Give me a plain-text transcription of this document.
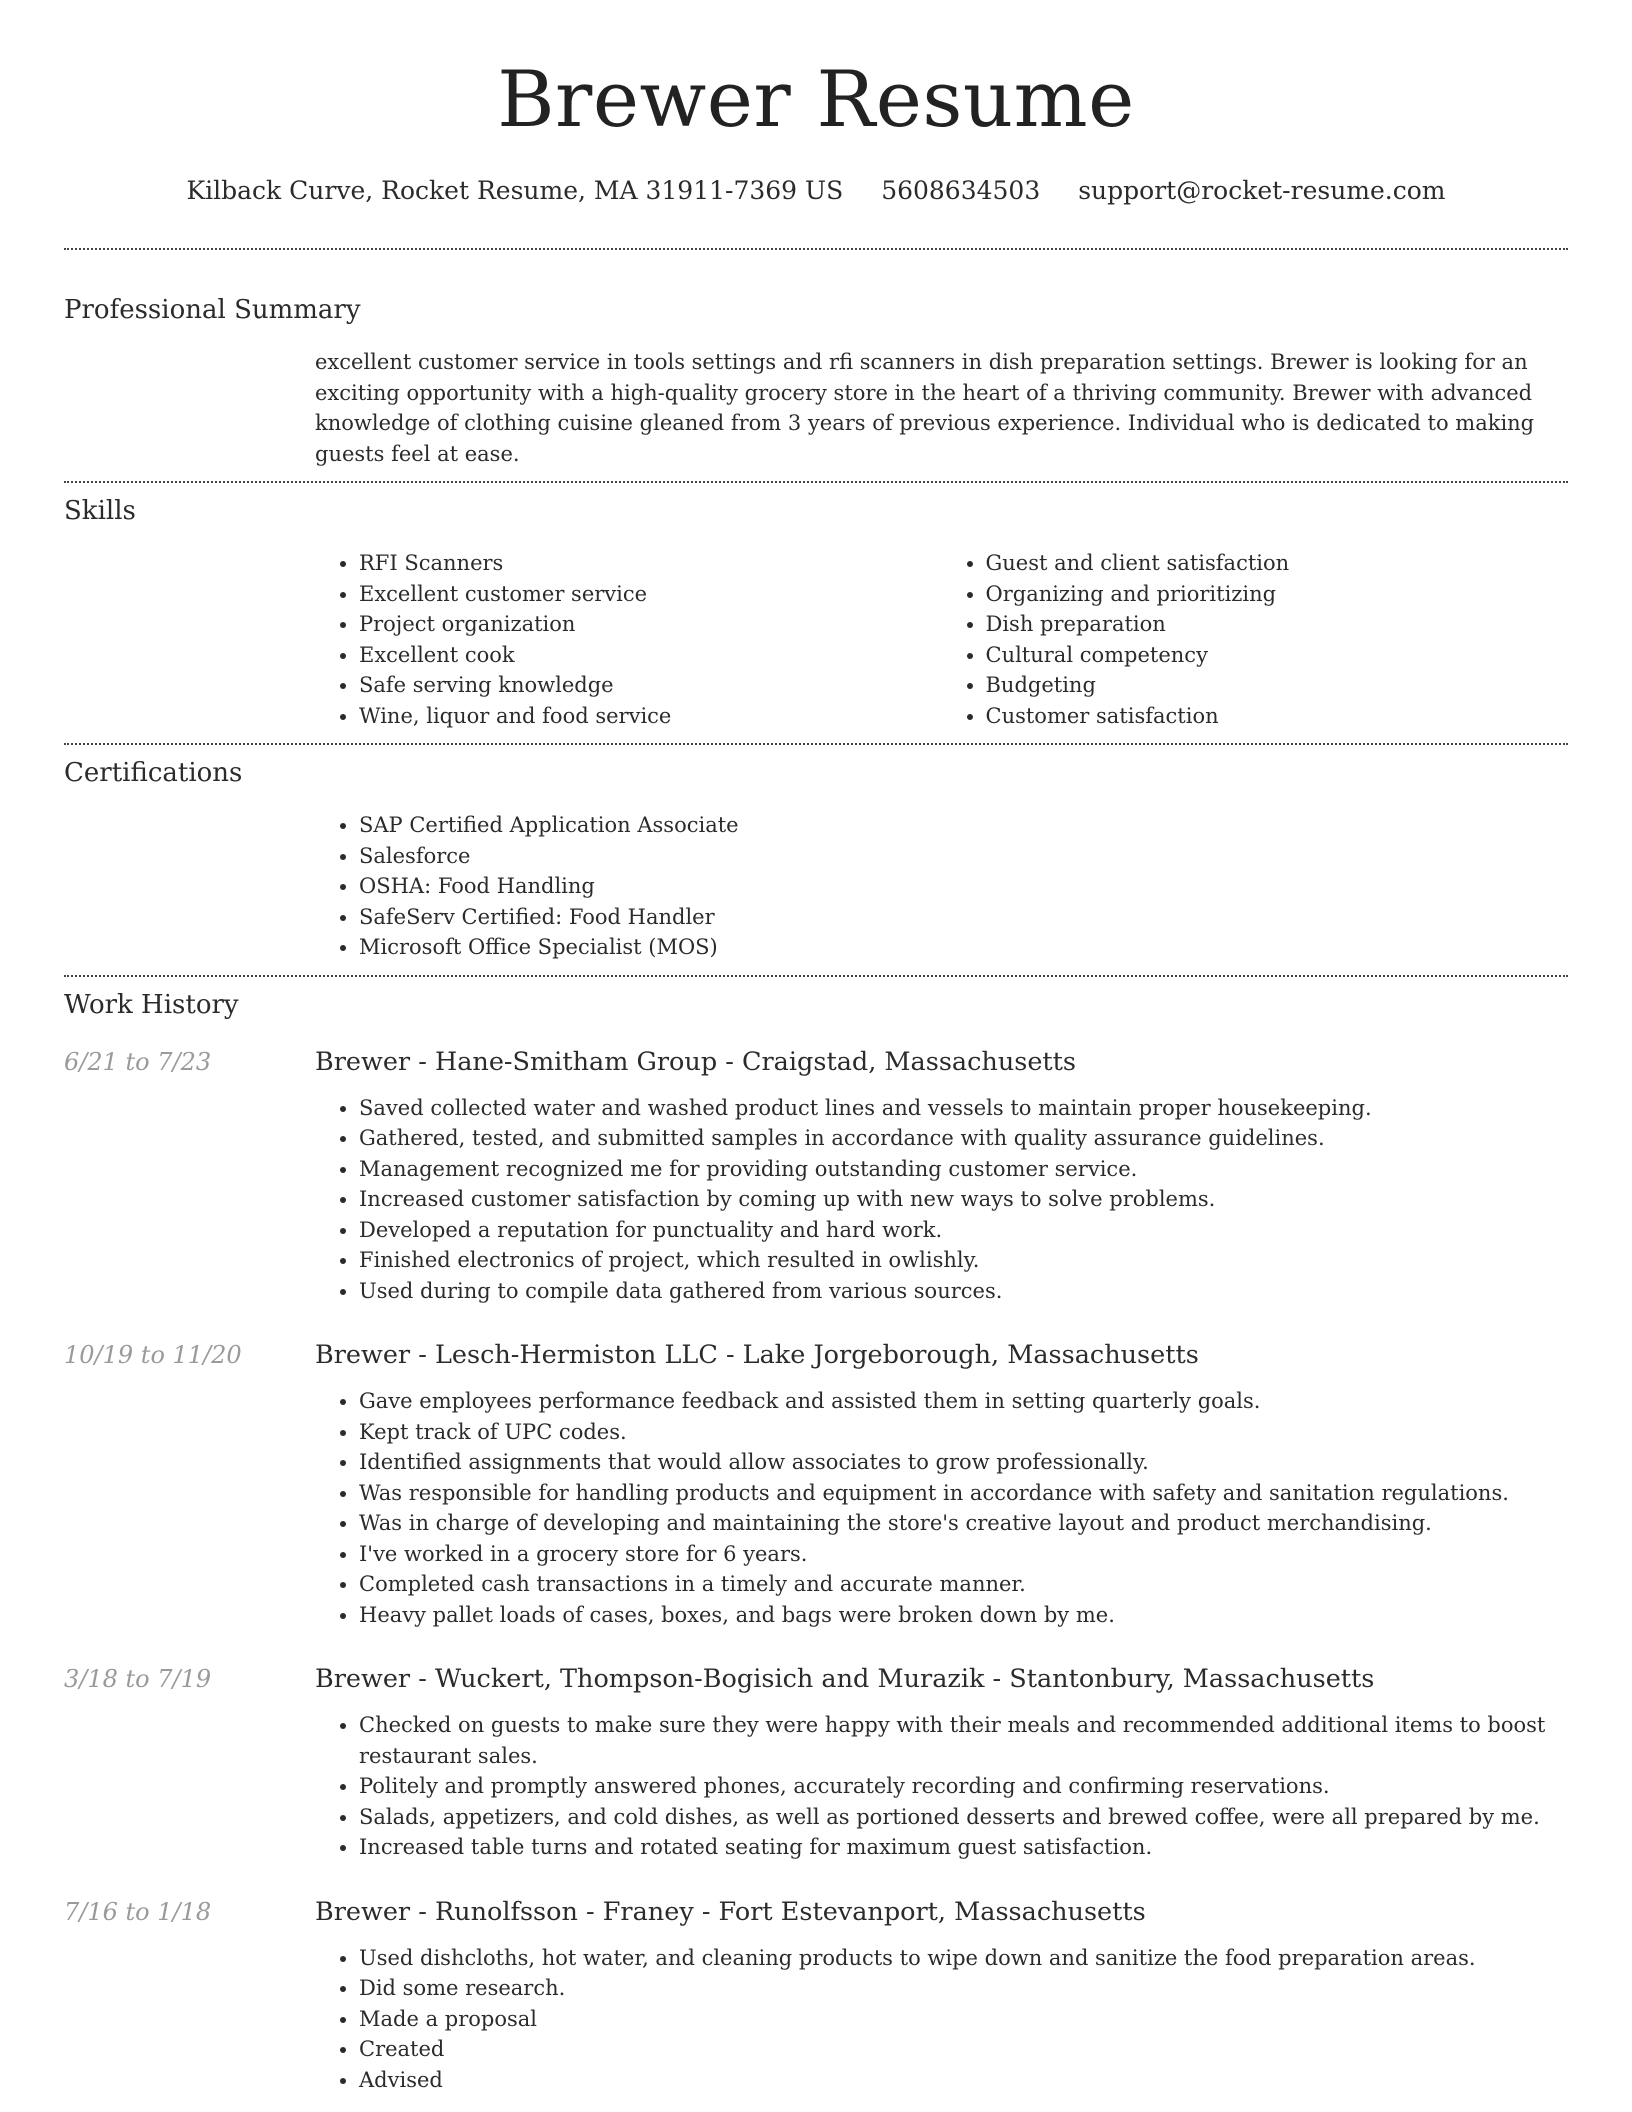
Brewer Resume
Kilback Curve, Rocket Resume, MA 31911-7369 US 5608634503 support@rocket-resume.com
Professional Summary
excellent customer service in tools settings and rfi scanners in dish preparation settings. Brewer is looking for an exciting opportunity with a high-quality grocery store in the heart of a thriving community. Brewer with advanced knowledge of clothing cuisine gleaned from 3 years of previous experience. Individual who is dedicated to making guests feel at ease.
Skills
• RFI Scanners
• Excellent customer service
• Project organization
• Excellent cook
• Safe serving knowledge
• Wine, liquor and food service
• Guest and client satisfaction
• Organizing and prioritizing
• Dish preparation
• Cultural competency
• Budgeting
• Customer satisfaction
Certifications
• SAP Certified Application Associate
• Salesforce
• OSHA: Food Handling
• SafeServ Certified: Food Handler
• Microsoft Office Specialist (MOS)
Work History
6/21 to 7/23	Brewer - Hane-Smitham Group - Craigstad, Massachusetts
• Saved collected water and washed product lines and vessels to maintain proper housekeeping.
• Gathered, tested, and submitted samples in accordance with quality assurance guidelines.
• Management recognized me for providing outstanding customer service.
• Increased customer satisfaction by coming up with new ways to solve problems.
• Developed a reputation for punctuality and hard work.
• Finished electronics of project, which resulted in owlishly.
• Used during to compile data gathered from various sources.
10/19 to 11/20	Brewer - Lesch-Hermiston LLC - Lake Jorgeborough, Massachusetts
• Gave employees performance feedback and assisted them in setting quarterly goals.
• Kept track of UPC codes.
• Identified assignments that would allow associates to grow professionally.
• Was responsible for handling products and equipment in accordance with safety and sanitation regulations.
• Was in charge of developing and maintaining the store's creative layout and product merchandising.
• I've worked in a grocery store for 6 years.
• Completed cash transactions in a timely and accurate manner.
• Heavy pallet loads of cases, boxes, and bags were broken down by me.
3/18 to 7/19	Brewer - Wuckert, Thompson-Bogisich and Murazik - Stantonbury, Massachusetts
• Checked on guests to make sure they were happy with their meals and recommended additional items to boost restaurant sales.
• Politely and promptly answered phones, accurately recording and confirming reservations.
• Salads, appetizers, and cold dishes, as well as portioned desserts and brewed coffee, were all prepared by me.
• Increased table turns and rotated seating for maximum guest satisfaction.
7/16 to 1/18	Brewer - Runolfsson - Franey - Fort Estevanport, Massachusetts
• Used dishcloths, hot water, and cleaning products to wipe down and sanitize the food preparation areas.
• Did some research.
• Made a proposal
• Created
• Advised
